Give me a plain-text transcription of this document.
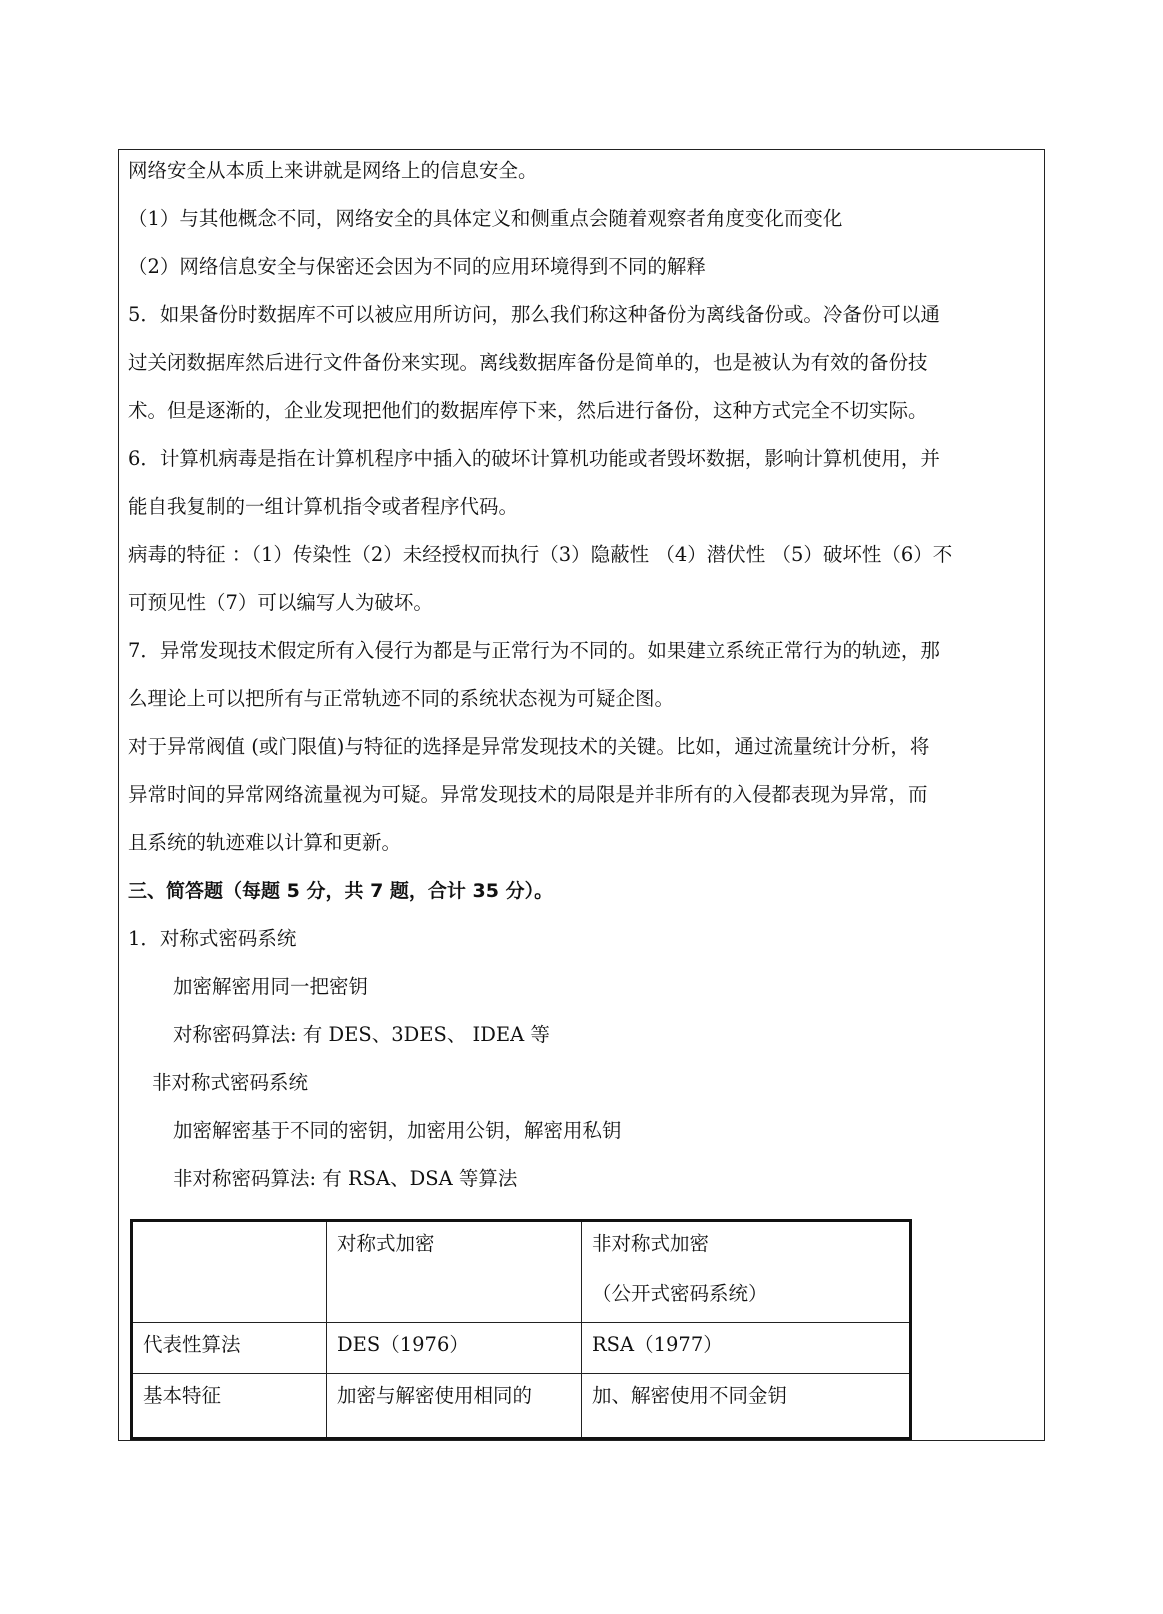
网络安全从本质上来讲就是网络上的信息安全。
（1）与其他概念不同，网络安全的具体定义和侧重点会随着观察者角度变化而变化
（2）网络信息安全与保密还会因为不同的应用环境得到不同的解释
5．如果备份时数据库不可以被应用所访问，那么我们称这种备份为离线备份或。冷备份可以通
过关闭数据库然后进行文件备份来实现。离线数据库备份是简单的，也是被认为有效的备份技
术。但是逐渐的，企业发现把他们的数据库停下来，然后进行备份，这种方式完全不切实际。
6．计算机病毒是指在计算机程序中插入的破坏计算机功能或者毁坏数据，影响计算机使用，并
能自我复制的一组计算机指令或者程序代码。
病毒的特征 ：（1）传染性（2）未经授权而执行（3）隐蔽性 （4）潜伏性 （5）破坏性（6）不
可预见性（7）可以编写人为破坏。
7．异常发现技术假定所有入侵行为都是与正常行为不同的。如果建立系统正常行为的轨迹，那
么理论上可以把所有与正常轨迹不同的系统状态视为可疑企图。
对于异常阀值 (或门限值)与特征的选择是异常发现技术的关键。比如，通过流量统计分析，将
异常时间的异常网络流量视为可疑。异常发现技术的局限是并非所有的入侵都表现为异常，而
且系统的轨迹难以计算和更新。
三、简答题（每题 5 分，共 7 题，合计 35 分）。
1．对称式密码系统
加密解密用同一把密钥
对称密码算法: 有 DES、3DES、 IDEA 等
非对称式密码系统
加密解密基于不同的密钥，加密用公钥，解密用私钥
非对称密码算法: 有 RSA、DSA 等算法
	对称式加密	非对称式加密
（公开式密码系统）

代表性算法	DES（1976）	RSA（1977）
基本特征	加密与解密使用相同的	加、解密使用不同金钥
